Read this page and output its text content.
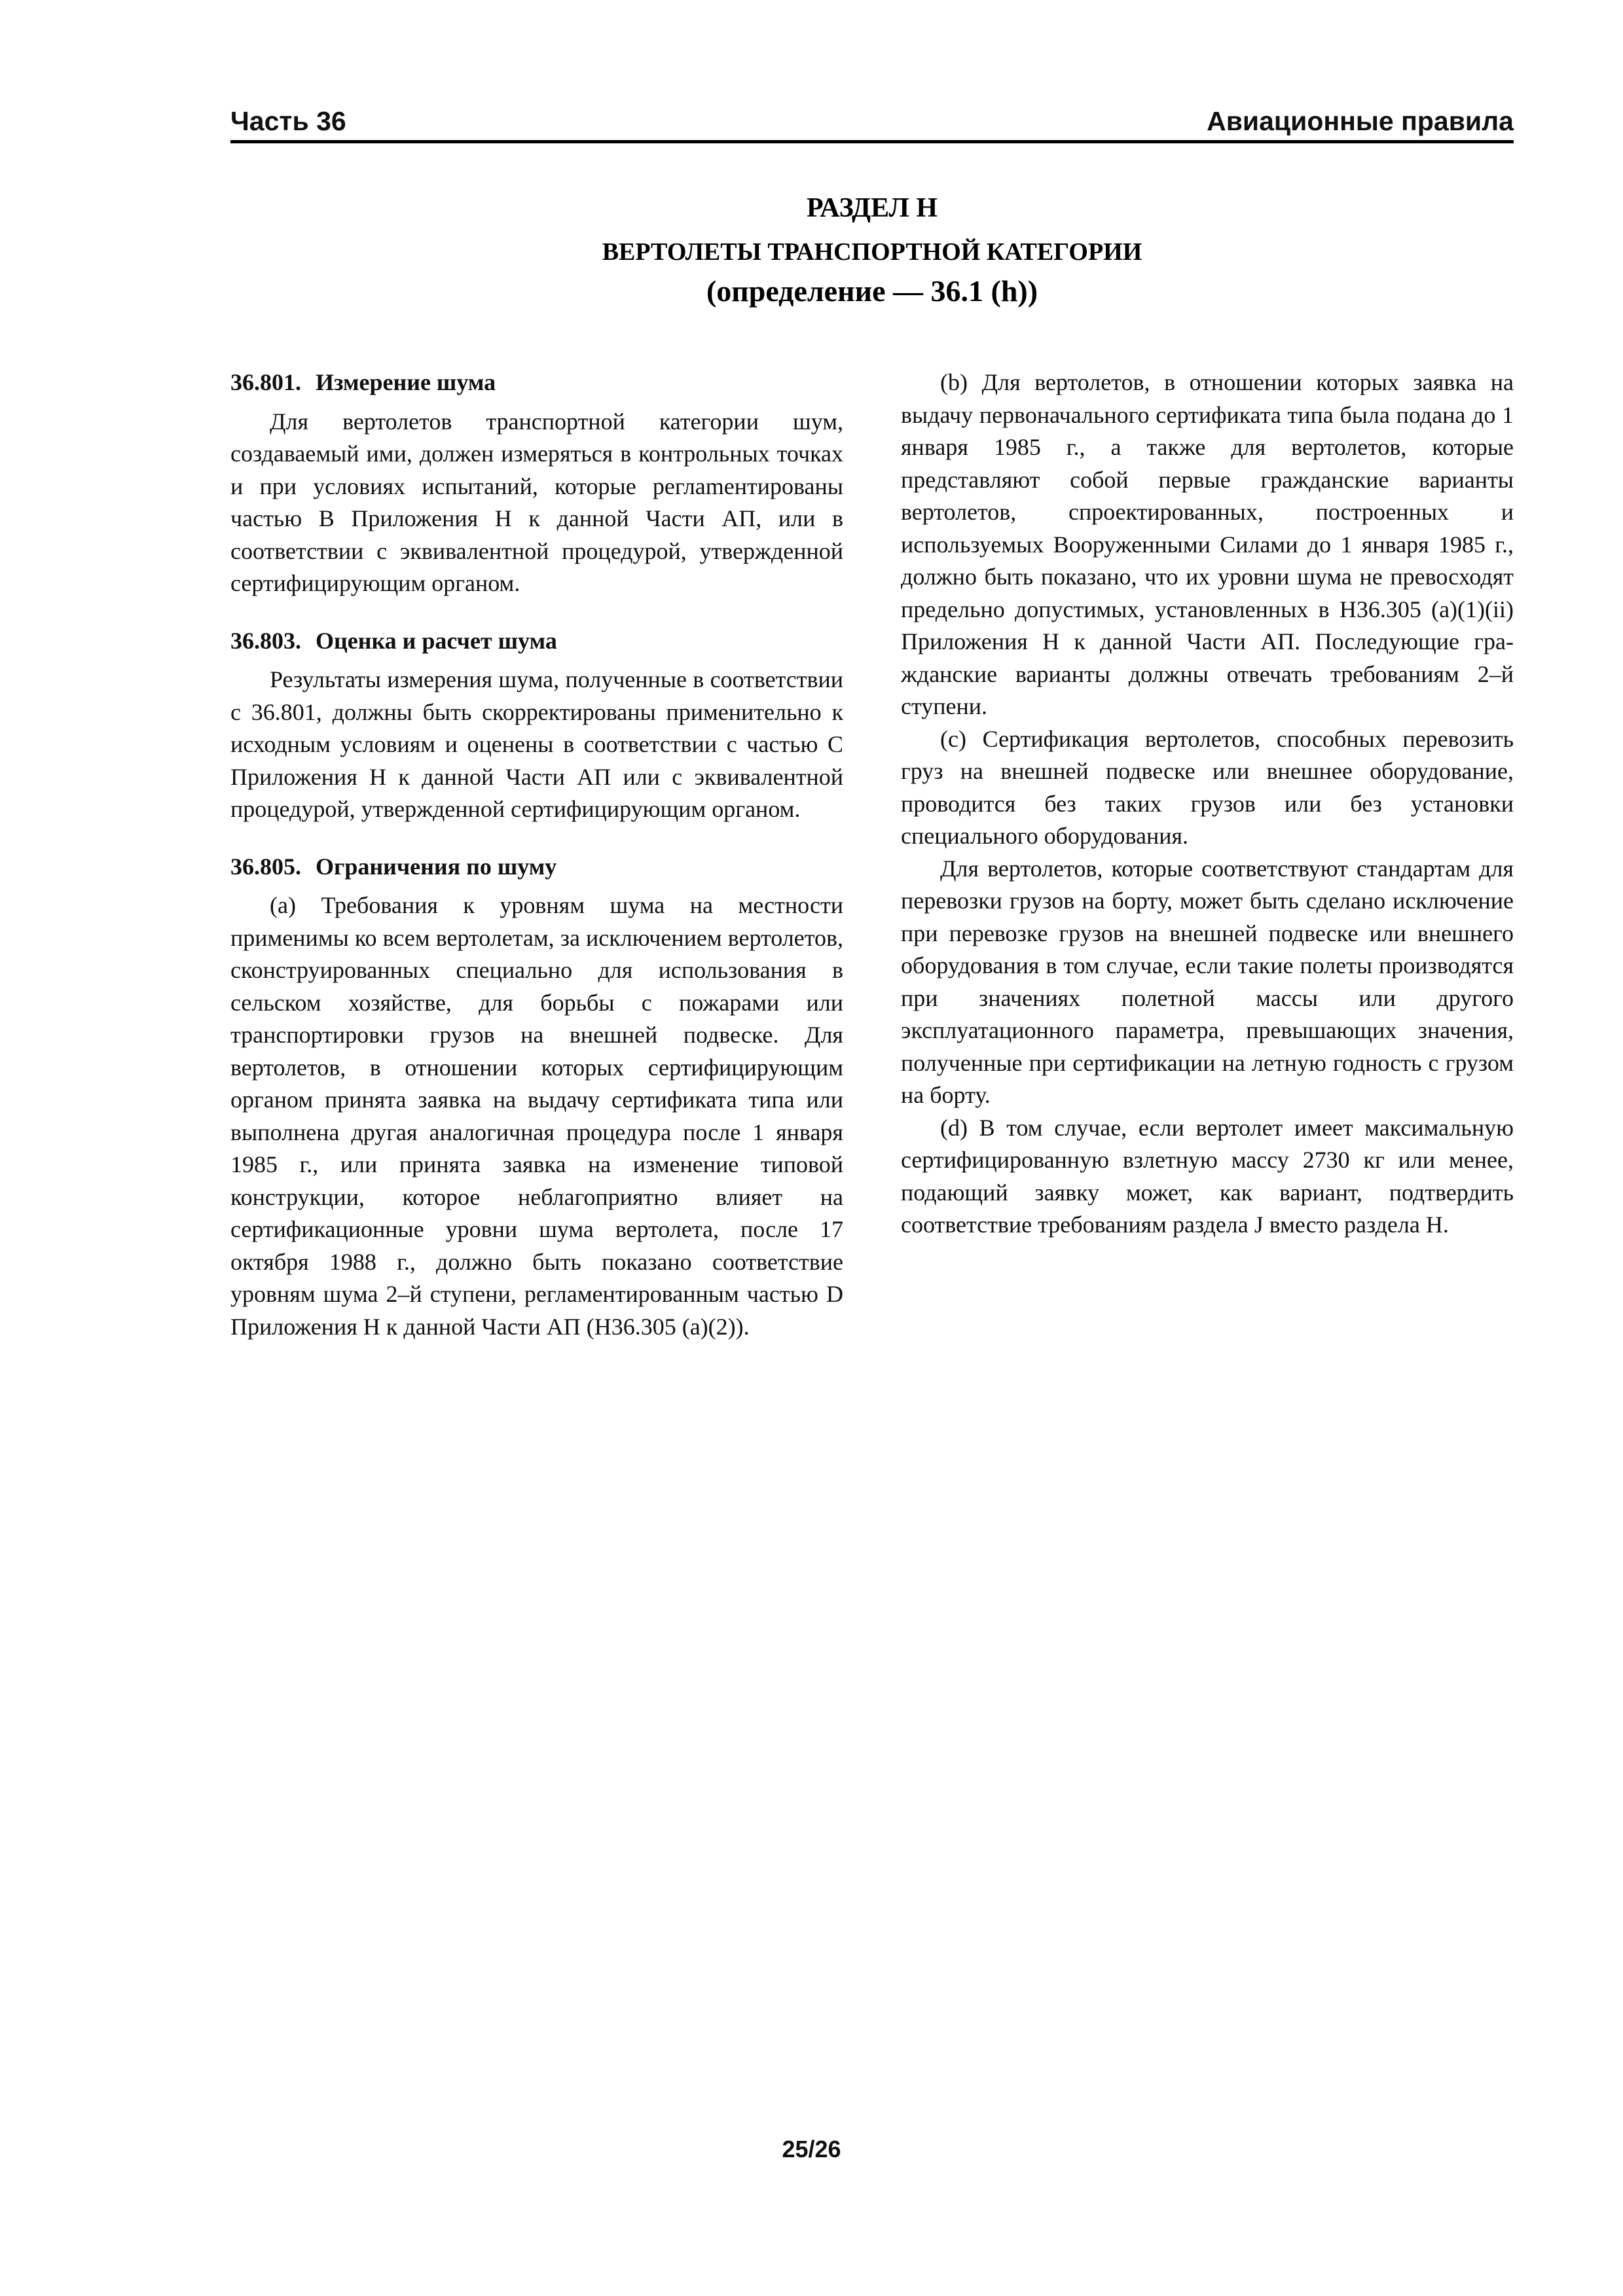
Часть 36	Авиационные правила
РАЗДЕЛ Н
ВЕРТОЛЕТЫ ТРАНСПОРТНОЙ КАТЕГОРИИ
(определение — 36.1 (h))
36.801. Измерение шума

Для вертолетов транспортной категории шум, создаваемый ими, должен измеряться в контрольных точках и при условиях испытаний, которые реглаmентированы частью В Приложения Н к данной Части АП, или в соответствии с эквивалентной процедурой, утвержденной сертифицирующим органом.

36.803. Оценка и расчет шума

Результаты измерения шума, полученные в соответствии с 36.801, должны быть скорректированы применительно к исходным условиям и оценены в соответствии с частью С Приложения Н к данной Части АП или с эквивалентной процедурой, утвержденной сертифицирующим органом.

36.805. Ограничения по шуму

(а) Требования к уровням шума на местности применимы ко всем вертолетам, за исключением вертолетов, сконструированных специально для использования в сельском хозяйстве, для борьбы с пожарами или транспортировки грузов на внешней подвеске. Для вертолетов, в отношении которых сертифицирующим органом принята заявка на выдачу сертификата типа или выполнена другая аналогичная процедура после 1 января 1985 г., или принята заявка на изменение типовой конструкции, которое неблагоприятно влияет на сертификационные уровни шума вертолета, после 17 октября 1988 г., должно быть показано соответствие уровням шума 2–й ступени, регламентированным частью D Приложения Н к данной Части АП (Н36.305 (а)(2)).

(b) Для вертолетов, в отношении которых заявка на выдачу первоначального сертификата типа была подана до 1 января 1985 г., а также для вертолетов, которые представляют собой первые гражданские варианты вертолетов, спроектированных, построенных и используемых Вооруженными Силами до 1 января 1985 г., должно быть показано, что их уровни шума не превосходят предельно допустимых, установленных в Н36.305 (а)(1)(ii) Приложения Н к данной Части АП. Последующие гражданские варианты должны отвечать требованиям 2–й ступени.

(с) Сертификация вертолетов, способных перевозить груз на внешней подвеске или внешнее оборудование, проводится без таких грузов или без установки специального оборудования.

Для вертолетов, которые соответствуют стандартам для перевозки грузов на борту, может быть сделано исключение при перевозке грузов на внешней подвеске или внешнего оборудования в том случае, если такие полеты производятся при значениях полетной массы или другого эксплуатационного параметра, превышающих значения, полученные при сертификации на летную годность с грузом на борту.

(d) В том случае, если вертолет имеет максимальную сертифицированную взлетную массу 2730 кг или менее, подающий заявку может, как вариант, подтвердить соответствие требованиям раздела J вместо раздела Н.

25/26
